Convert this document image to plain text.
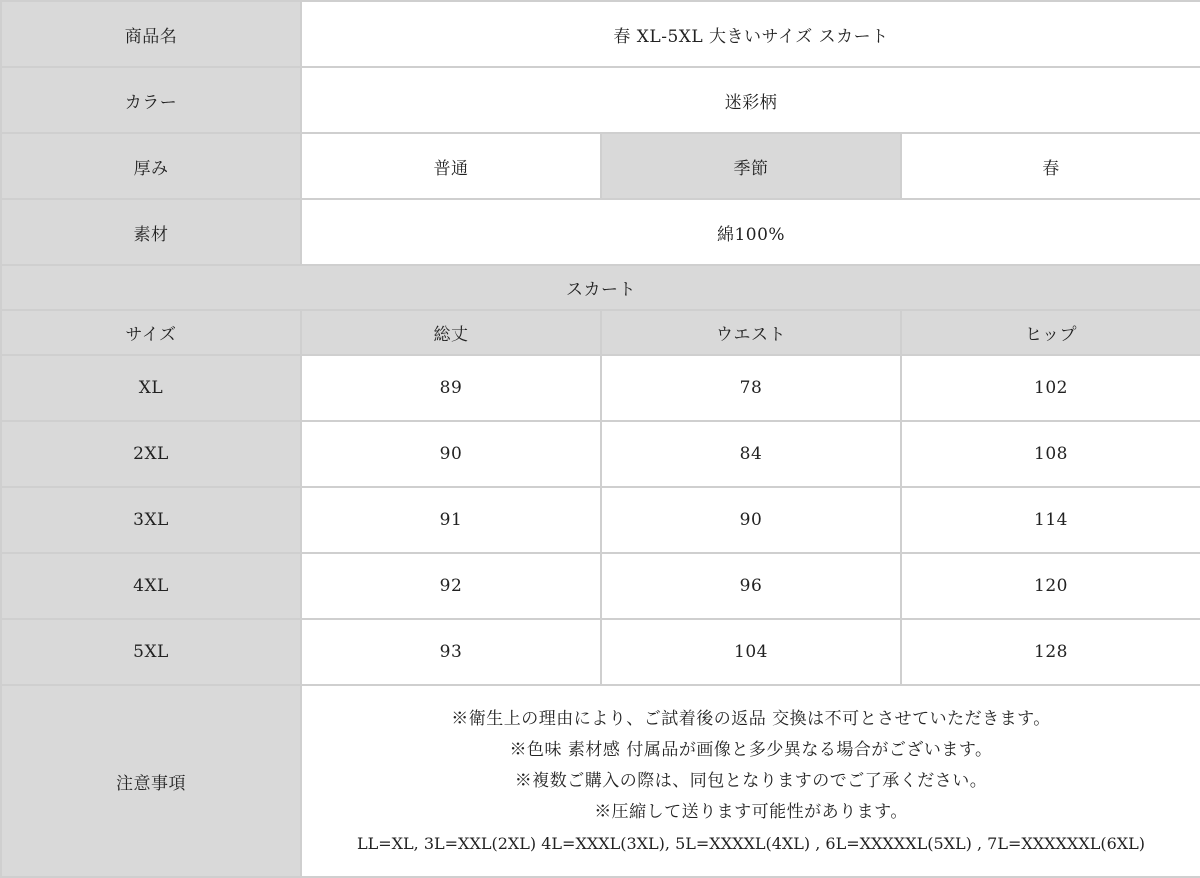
商品名	春 XL-5XL 大きいサイズ スカート		
カラー	迷彩柄		
厚み	普通	季節	春
素材	綿100%		
スカート			
サイズ	総丈	ウエスト	ヒップ
XL	89	78	102
2XL	90	84	108
3XL	91	90	114
4XL	92	96	120
5XL	93	104	128
注意事項	※衛生上の理由により、ご試着後の返品 交換は不可とさせていただきます。
※色味 素材感 付属品が画像と多少異なる場合がございます。
※複数ご購入の際は、同包となりますのでご了承ください。
※圧縮して送ります可能性があります。
LL=XL, 3L=XXL(2XL) 4L=XXXL(3XL), 5L=XXXXL(4XL) , 6L=XXXXXL(5XL) , 7L=XXXXXXL(6XL)		
